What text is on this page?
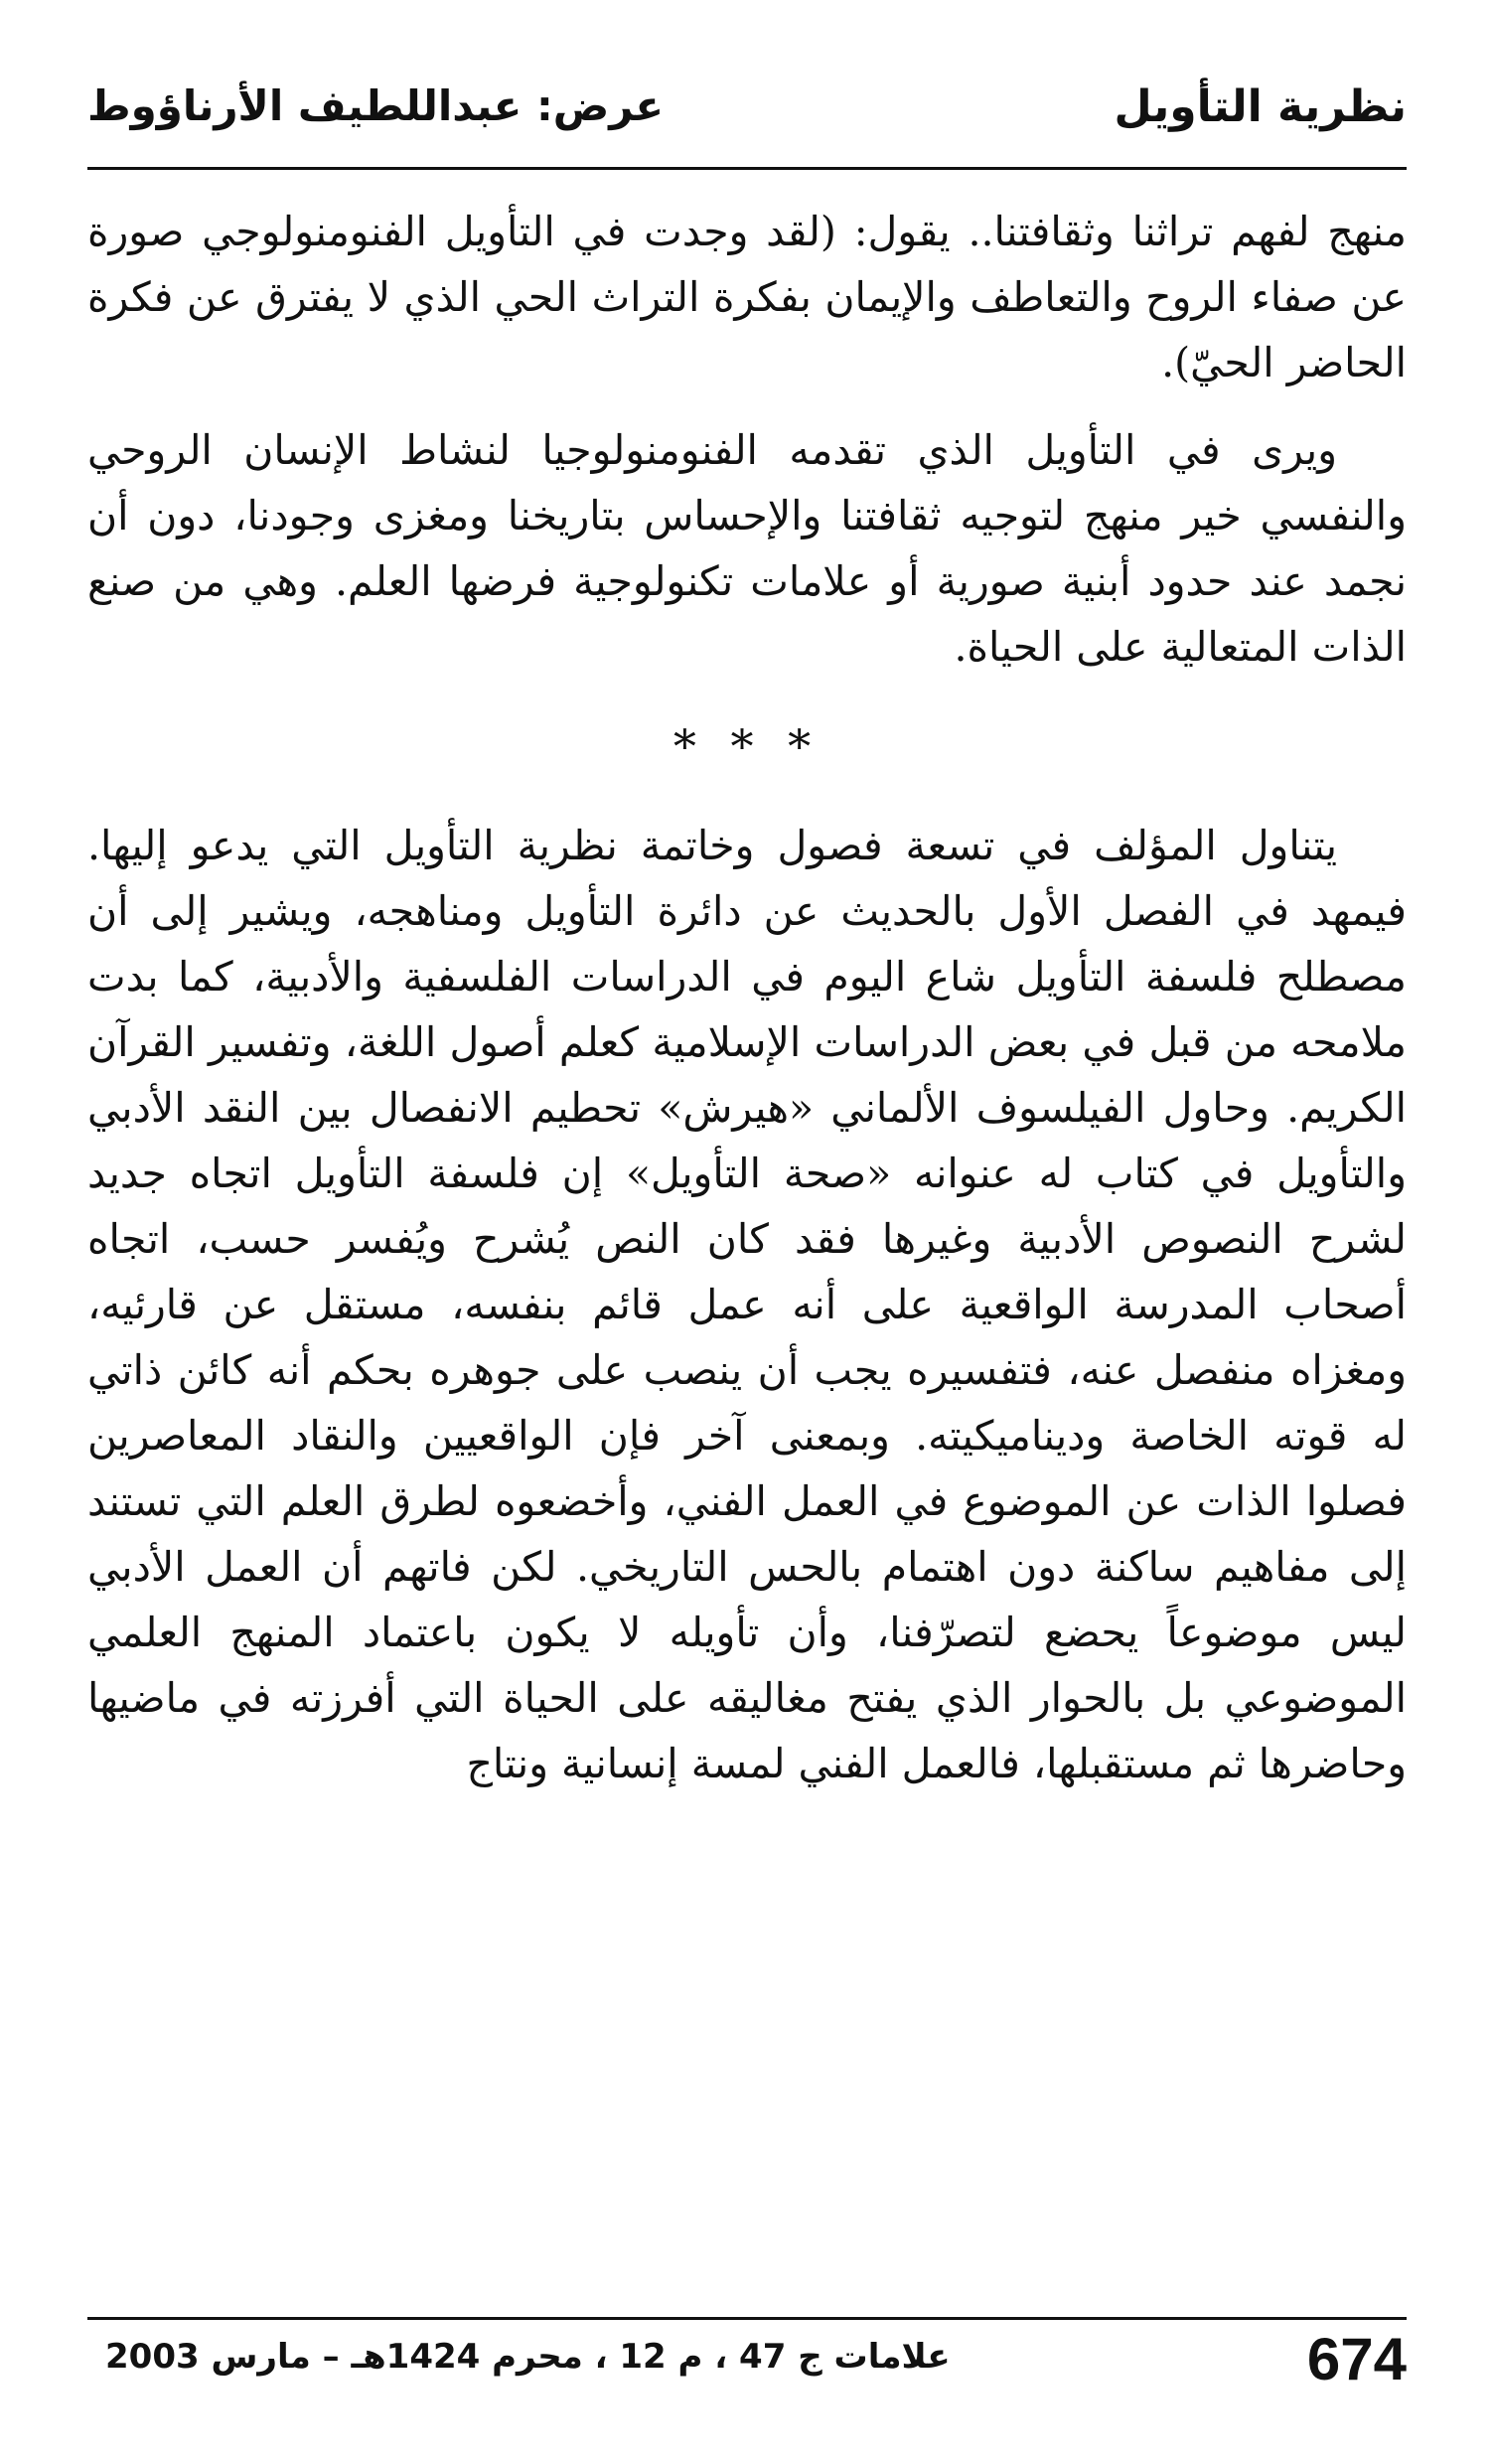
نظرية التأويل
عرض: عبداللطيف الأرناؤوط

منهج لفهم تراثنا وثقافتنا.. يقول: (لقد وجدت في التأويل الفنومنولوجي صورة عن صفاء الروح والتعاطف والإيمان بفكرة التراث الحي الذي لا يفترق عن فكرة الحاضر الحيّ).

ويرى في التأويل الذي تقدمه الفنومنولوجيا لنشاط الإنسان الروحي والنفسي خير منهج لتوجيه ثقافتنا والإحساس بتاريخنا ومغزى وجودنا، دون أن نجمد عند حدود أبنية صورية أو علامات تكنولوجية فرضها العلم. وهي من صنع الذات المتعالية على الحياة.

* * *

يتناول المؤلف في تسعة فصول وخاتمة نظرية التأويل التي يدعو إليها. فيمهد في الفصل الأول بالحديث عن دائرة التأويل ومناهجه، ويشير إلى أن مصطلح فلسفة التأويل شاع اليوم في الدراسات الفلسفية والأدبية، كما بدت ملامحه من قبل في بعض الدراسات الإسلامية كعلم أصول اللغة، وتفسير القرآن الكريم. وحاول الفيلسوف الألماني «هيرش» تحطيم الانفصال بين النقد الأدبي والتأويل في كتاب له عنوانه «صحة التأويل» إن فلسفة التأويل اتجاه جديد لشرح النصوص الأدبية وغيرها فقد كان النص يُشرح ويُفسر حسب، اتجاه أصحاب المدرسة الواقعية على أنه عمل قائم بنفسه، مستقل عن قارئيه، ومغزاه منفصل عنه، فتفسيره يجب أن ينصب على جوهره بحكم أنه كائن ذاتي له قوته الخاصة وديناميكيته. وبمعنى آخر فإن الواقعيين والنقاد المعاصرين فصلوا الذات عن الموضوع في العمل الفني، وأخضعوه لطرق العلم التي تستند إلى مفاهيم ساكنة دون اهتمام بالحس التاريخي. لكن فاتهم أن العمل الأدبي ليس موضوعاً يحضع لتصرّفنا، وأن تأويله لا يكون باعتماد المنهج العلمي الموضوعي بل بالحوار الذي يفتح مغاليقه على الحياة التي أفرزته في ماضيها وحاضرها ثم مستقبلها، فالعمل الفني لمسة إنسانية ونتاج

علامات ج 47 ، م 12 ، محرم 1424هـ – مارس 2003	674
